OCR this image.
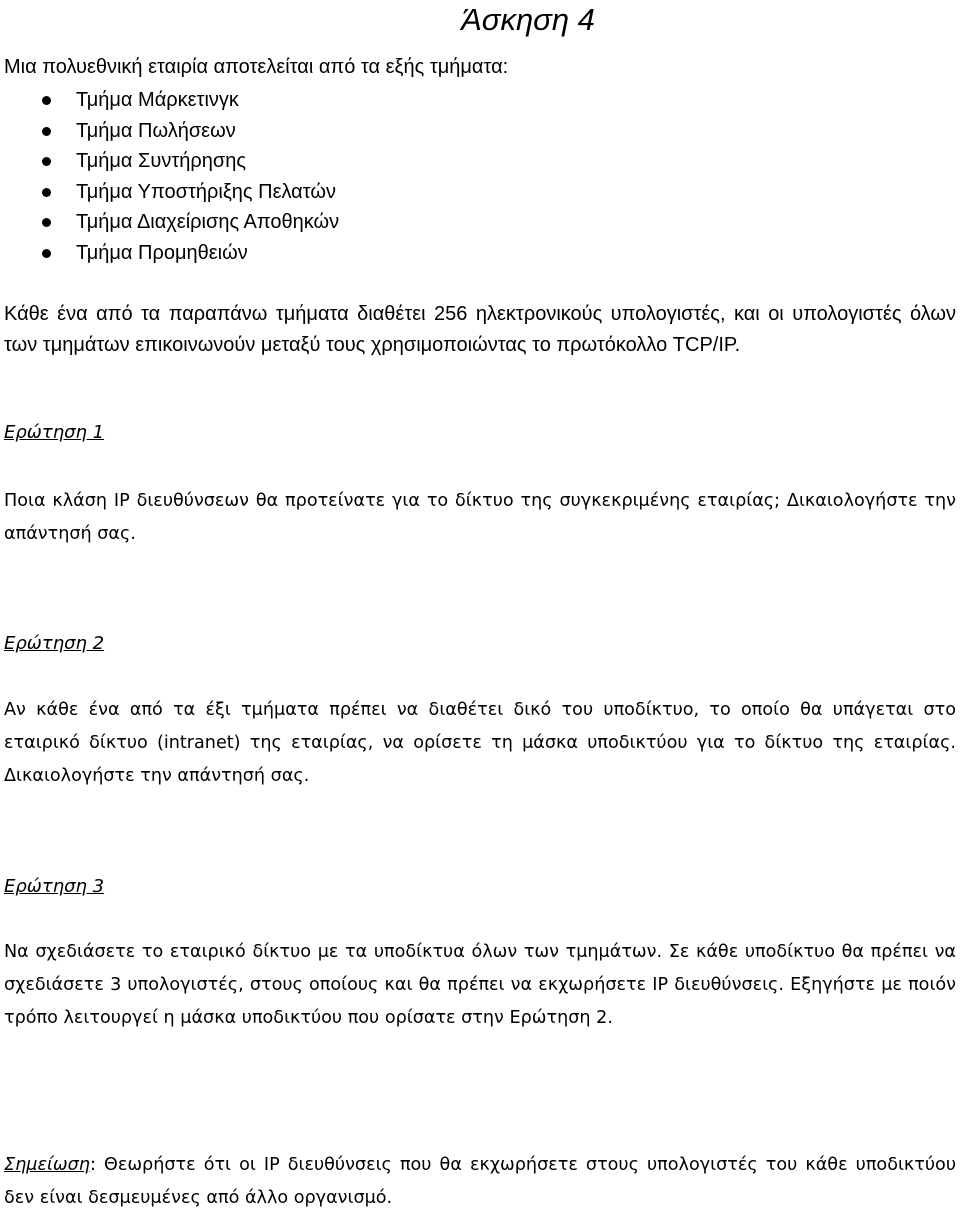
Άσκηση 4
Μια πολυεθνική εταιρία αποτελείται από τα εξής τμήματα:
Τμήμα Μάρκετινγκ
Τμήμα Πωλήσεων
Τμήμα Συντήρησης
Τμήμα Υποστήριξης Πελατών
Τμήμα Διαχείρισης Αποθηκών
Τμήμα Προμηθειών
Κάθε ένα από τα παραπάνω τμήματα διαθέτει 256 ηλεκτρονικούς υπολογιστές, και οι υπολογιστές όλων των τμημάτων επικοινωνούν μεταξύ τους χρησιμοποιώντας το πρωτόκολλο TCP/IP.
Ερώτηση 1
Ποια κλάση IP διευθύνσεων θα προτείνατε για το δίκτυο της συγκεκριμένης εταιρίας; Δικαιολογήστε την απάντησή σας.
Ερώτηση 2
Αν κάθε ένα από τα έξι τμήματα πρέπει να διαθέτει δικό του υποδίκτυο, το οποίο θα υπάγεται στο εταιρικό δίκτυο (intranet) της εταιρίας, να ορίσετε τη μάσκα υποδικτύου για το δίκτυο της εταιρίας. Δικαιολογήστε την απάντησή σας.
Ερώτηση 3
Να σχεδιάσετε το εταιρικό δίκτυο με τα υποδίκτυα όλων των τμημάτων. Σε κάθε υποδίκτυο θα πρέπει να σχεδιάσετε 3 υπολογιστές, στους οποίους και θα πρέπει να εκχωρήσετε IP διευθύνσεις. Εξηγήστε με ποιόν τρόπο λειτουργεί η μάσκα υποδικτύου που ορίσατε στην Ερώτηση 2.
Σημείωση: Θεωρήστε ότι οι IP διευθύνσεις που θα εκχωρήσετε στους υπολογιστές του κάθε υποδικτύου δεν είναι δεσμευμένες από άλλο οργανισμό.
